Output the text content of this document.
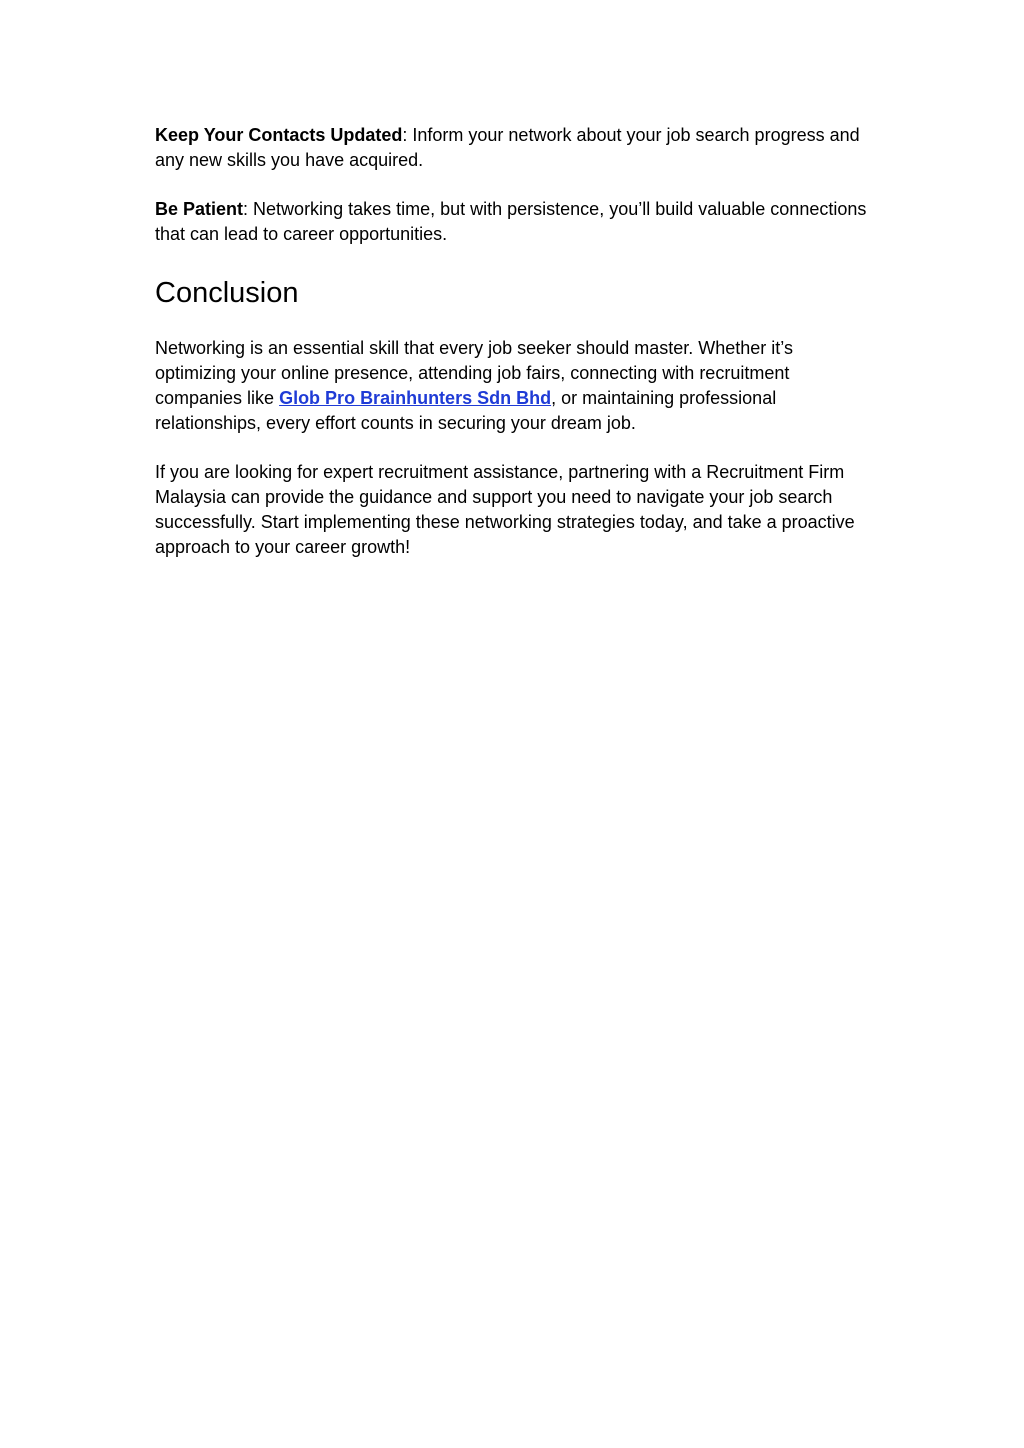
Keep Your Contacts Updated: Inform your network about your job search progress and any new skills you have acquired.

Be Patient: Networking takes time, but with persistence, you’ll build valuable connections that can lead to career opportunities.

Conclusion

Networking is an essential skill that every job seeker should master. Whether it’s optimizing your online presence, attending job fairs, connecting with recruitment companies like Glob Pro Brainhunters Sdn Bhd, or maintaining professional relationships, every effort counts in securing your dream job.

If you are looking for expert recruitment assistance, partnering with a Recruitment Firm Malaysia can provide the guidance and support you need to navigate your job search successfully. Start implementing these networking strategies today, and take a proactive approach to your career growth!
